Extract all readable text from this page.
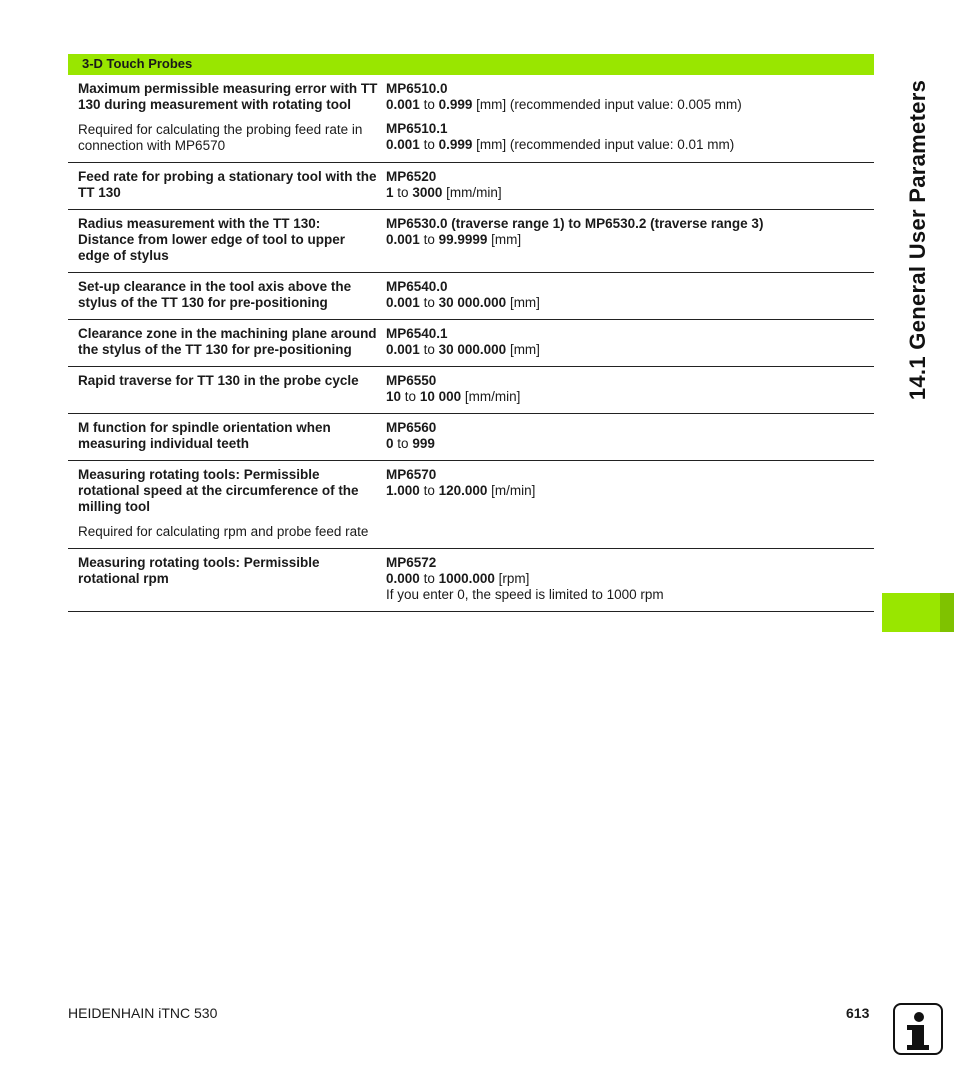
3-D Touch Probes
Maximum permissible measuring error with TT 130 during measurement with rotating tool
Required for calculating the probing feed rate in connection with MP6570
MP6510.0
0.001 to 0.999 [mm] (recommended input value: 0.005 mm)
MP6510.1
0.001 to 0.999 [mm] (recommended input value: 0.01 mm)
Feed rate for probing a stationary tool with the TT 130
MP6520
1 to 3000 [mm/min]
Radius measurement with the TT 130: Distance from lower edge of tool to upper edge of stylus
MP6530.0 (traverse range 1) to MP6530.2 (traverse range 3)
0.001 to 99.9999 [mm]
Set-up clearance in the tool axis above the stylus of the TT 130 for pre-positioning
MP6540.0
0.001 to 30 000.000 [mm]
Clearance zone in the machining plane around the stylus of the TT 130 for pre-positioning
MP6540.1
0.001 to 30 000.000 [mm]
Rapid traverse for TT 130 in the probe cycle	MP6550
10 to 10 000 [mm/min]
M function for spindle orientation when measuring individual teeth
MP6560
0 to 999
Measuring rotating tools: Permissible rotational speed at the circumference of the milling tool
Required for calculating rpm and probe feed rate
MP6570
1.000 to 120.000 [m/min]
Measuring rotating tools: Permissible rotational rpm
MP6572
0.000 to 1000.000 [rpm]
If you enter 0, the speed is limited to 1000 rpm
14.1 General User Parameters
HEIDENHAIN iTNC 530	613
